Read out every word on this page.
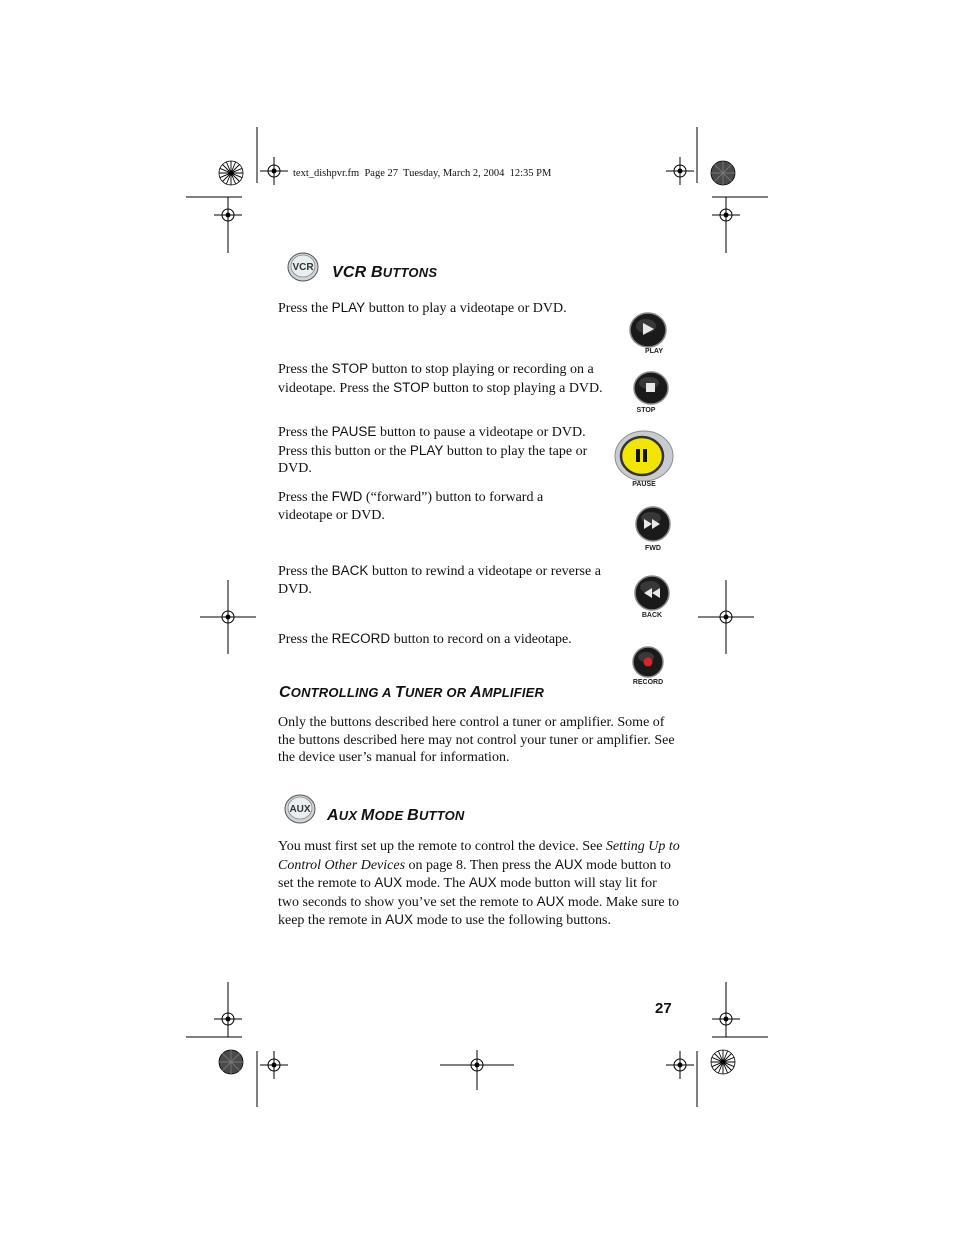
text_dishpvr.fm  Page 27  Tuesday, March 2, 2004  12:35 PM
VCR VCR BUTTONS
Press the PLAY button to play a videotape or DVD.
PLAY
Press the STOP button to stop playing or recording on a
videotape. Press the STOP button to stop playing a DVD.
STOP
Press the PAUSE button to pause a videotape or DVD.
Press this button or the PLAY button to play the tape or
DVD.
PAUSE
Press the FWD (“forward”) button to forward a
videotape or DVD.
FWD
Press the BACK button to rewind a videotape or reverse a
DVD.
BACK
Press the RECORD button to record on a videotape.
RECORD
CONTROLLING A TUNER OR AMPLIFIER
Only the buttons described here control a tuner or amplifier. Some of
the buttons described here may not control your tuner or amplifier. See
the device user’s manual for information.
AUX AUX MODE BUTTON
You must first set up the remote to control the device. See Setting Up to
Control Other Devices on page 8. Then press the AUX mode button to
set the remote to AUX mode. The AUX mode button will stay lit for
two seconds to show you’ve set the remote to AUX mode. Make sure to
keep the remote in AUX mode to use the following buttons.
27
